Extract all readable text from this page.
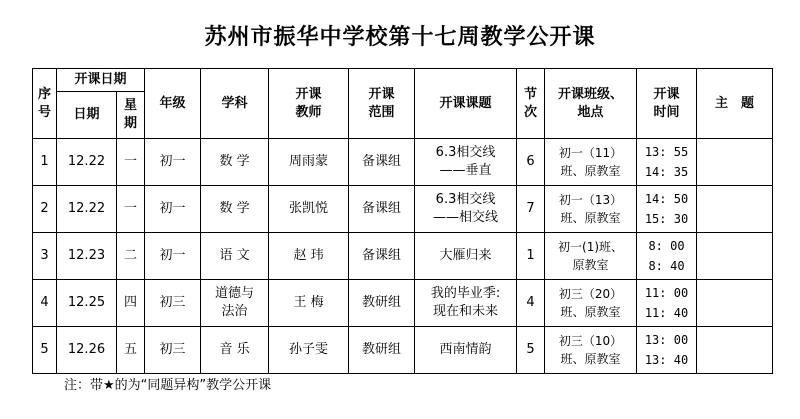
苏州市振华中学校第十七周教学公开课
序号	开课日期		年级	学科	开课教师	开课范围	开课课题	节次	开课班级、地点	开课时间	主　题
	日期	星期									
1	12.22	一	初一	数 学	周雨蒙	备课组	6.3相交线
——垂直	6	初一（11）
班、原教室	13: 55
14: 35	
2	12.22	一	初一	数 学	张凯悦	备课组	6.3相交线
——相交线	7	初一（13）
班、原教室	14: 50
15: 30	
3	12.23	二	初一	语 文	赵 玮	备课组	大雁归来	1	初一(1)班、
原教室	8: 00
8: 40	
4	12.25	四	初三	道德与法治	王 梅	教研组	我的毕业季:
现在和未来	4	初三（20）
班、原教室	11: 00
11: 40	
5	12.26	五	初三	音 乐	孙子雯	教研组	西南情韵	5	初三（10）
班、原教室	13: 00
13: 40	
注：带★的为“同题异构”教学公开课
